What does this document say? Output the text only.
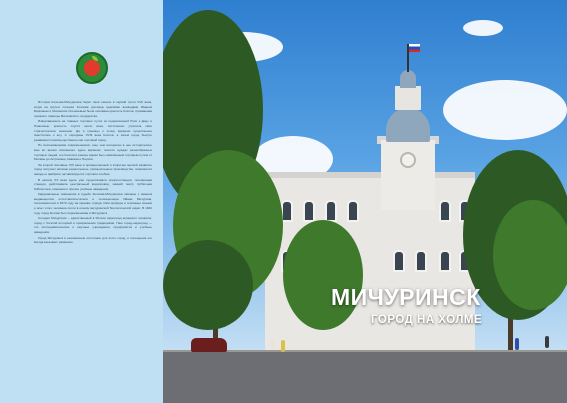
История Козлова-Мичуринска берёт своё начало в первой трети XVII века, когда на крутых склонах Козлова урочища царскими воеводами Иваном Бирковым и Михаилом Спешневым была основана крепость Козлов, призванная охранять границы Московского государства.

Извергавшиеся на главных торговых путях из подмосковной Руси к Дону и Поволжью, крепость спустя около века, постепенно утратила своё стратегическое значение. Да и границы к этому времени существенно сместились к югу. С середины XVIII века Козлов, а затем город быстро развивался преимущественно как торговый город.

По воспоминаниям современников, еще чем интересен в нее историческое мне во время описанного здесь времени, тесноте нуждах разнообразных торговых людей, его Козлов в разное время был оживлённым торговым путём от Москвы до Астрахани, Кавказа и Персии.

За второй половине XIX века в промышленный и вторично мелкой развитие город получает активно ремесленное, промышленное производство, появляются заводы и фабрики, активизируется торговля хлебом.

В начале XX века здесь уже существовали электростанция, телефонная станция, действовала центральный водопровод, зимний театр, публичная библиотека, гимназии и прочие учебные заведения.

Кардинальные изменения в судьбе Козлова-Мичуринска связаны с именем выдающегося естествоиспытателя и селекционера Ивана Мичурина, поселившегося в 1872 году на окраине города. Имя природы и огромные знания и опыт этого человека легли в основу мичуринской биологической науки. В 1932 году город Козлов был переименован в Мичуринск.

Сегодня Мичуринск – единственный в России наукоград аграрного профиля, город с богатой историей и прекрасными традициями. Наш город-наукоград — это исследовательские и научные учреждения, предприятия и учебные заведения.

Город Мичуринск в неизменном состоянии для этого город, и посещения его всегда вызывает уважение.

МИЧУРИНСК
ГОРОД НА ХОЛМЕ
